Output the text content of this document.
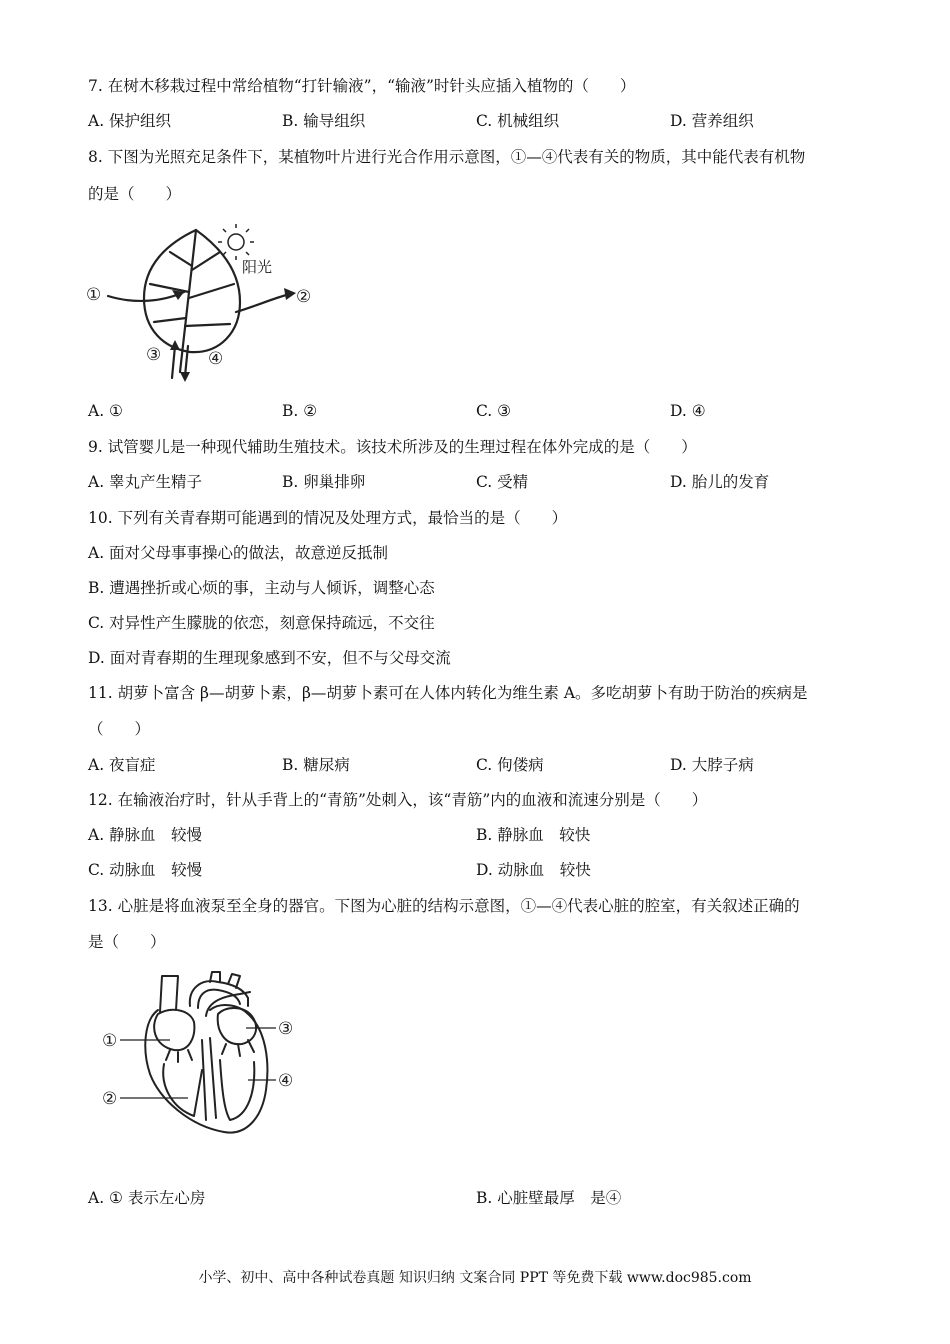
7. 在树木移栽过程中常给植物“打针输液”，“输液”时针头应插入植物的（　　）
A. 保护组织	B. 输导组织	C. 机械组织	D. 营养组织
8. 下图为光照充足条件下，某植物叶片进行光合作用示意图，①—④代表有关的物质，其中能代表有机物
的是（　　）
阳光
①	②
③	④
A. ①	B. ②	C. ③	D. ④
9. 试管婴儿是一种现代辅助生殖技术。该技术所涉及的生理过程在体外完成的是（　　）
A. 睾丸产生精子	B. 卵巢排卵	C. 受精	D. 胎儿的发育
10. 下列有关青春期可能遇到的情况及处理方式，最恰当的是（　　）
A. 面对父母事事操心的做法，故意逆反抵制
B. 遭遇挫折或心烦的事，主动与人倾诉，调整心态
C. 对异性产生朦胧的依恋，刻意保持疏远，不交往
D. 面对青春期的生理现象感到不安，但不与父母交流
11. 胡萝卜富含 β—胡萝卜素，β—胡萝卜素可在人体内转化为维生素 A。多吃胡萝卜有助于防治的疾病是
（　　）
A. 夜盲症	B. 糖尿病	C. 佝偻病	D. 大脖子病
12. 在输液治疗时，针从手背上的“青筋”处刺入，该“青筋”内的血液和流速分别是（　　）
A. 静脉血　较慢	B. 静脉血　较快
C. 动脉血　较慢	D. 动脉血　较快
13. 心脏是将血液泵至全身的器官。下图为心脏的结构示意图，①—④代表心脏的腔室，有关叙述正确的
是（　　）
①
②
③
④
A. ① 表示左心房	B. 心脏壁最厚　是④
小学、初中、高中各种试卷真题 知识归纳 文案合同 PPT 等免费下载 www.doc985.com
